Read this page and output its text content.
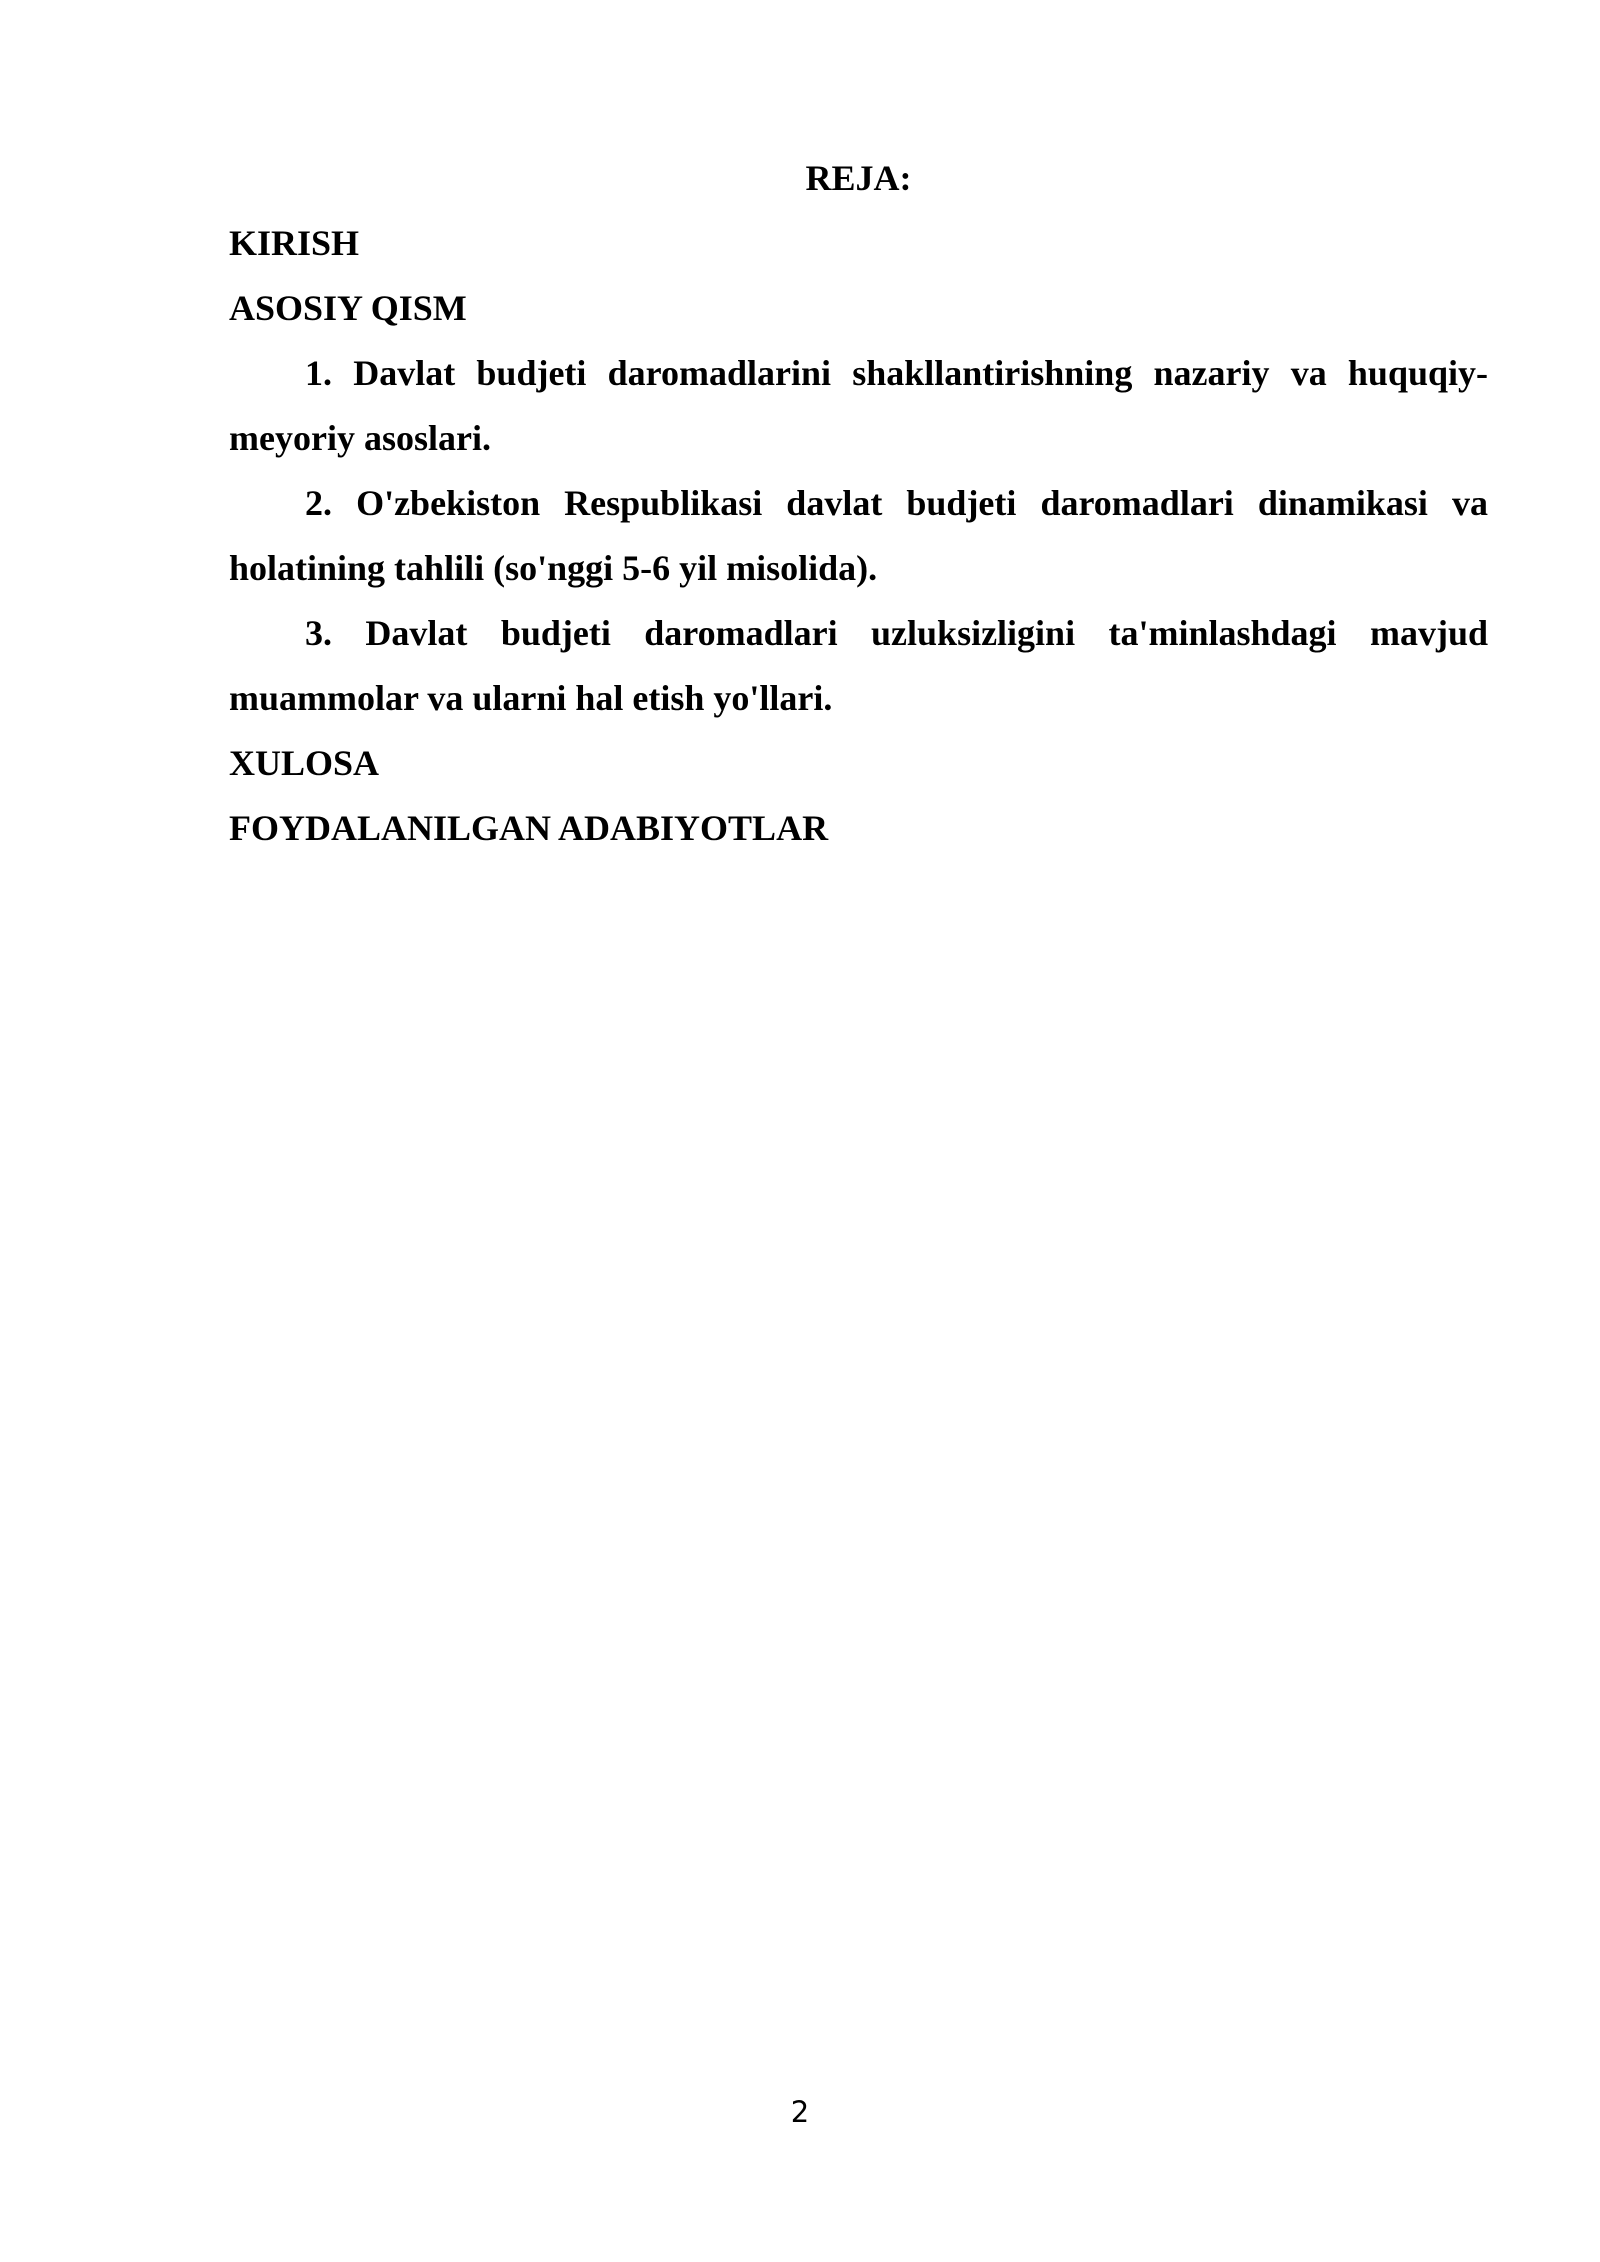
REJA:

KIRISH

ASOSIY QISM

1. Davlat budjeti daromadlarini shakllantirishning nazariy va huquqiy-meyoriy asoslari.

2. O'zbekiston Respublikasi davlat budjeti daromadlari dinamikasi va holatining tahlili (so'nggi 5-6 yil misolida).

3. Davlat budjeti daromadlari uzluksizligini ta'minlashdagi mavjud muammolar va ularni hal etish yo'llari.

XULOSA

FOYDALANILGAN ADABIYOTLAR

2
